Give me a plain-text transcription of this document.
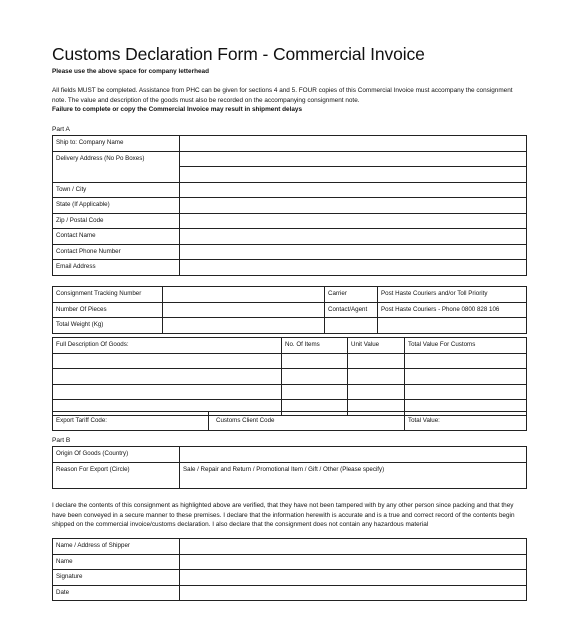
Customs Declaration Form - Commercial Invoice
Please use the above space for company letterhead
All fields MUST be completed. Assistance from PHC can be given for sections 4 and 5. FOUR copies of this Commercial Invoice must accompany the consignment note. The value and description of the goods must also be recorded on the accompanying consignment note.
Failure to complete or copy the Commercial Invoice may result in shipment delays
Part A
Ship to: Company Name	
Delivery Address (No Po Boxes)	

Town / City	
State (If Applicable)	
Zip / Postal Code	
Contact Name	
Contact Phone Number	
Email Address	
Consignment Tracking Number		Carrier	Post Haste Couriers and/or Toll Priority
Number Of Pieces		Contact/Agent	Post Haste Couriers - Phone 0800 828 106
Total Weight (Kg)			
Full Description Of Goods:	No. Of Items	Unit Value	Total Value For Customs

Export Tariff Code:	Customs Client Code	Total Value:
Part B
Origin Of Goods (Country)	
Reason For Export (Circle)	Sale / Repair and Return / Promotional Item / Gift / Other (Please specify)
I declare the contents of this consignment as highlighted above are verified, that they have not been tampered with by any other person since packing and that they have been conveyed in a secure manner to these premises. I declare that the information herewith is accurate and is a true and correct record of the contents begin shipped on the commercial invoice/customs declaration. I also declare that the consignment does not contain any hazardous material
Name / Address of Shipper	
Name	
Signature	
Date	
